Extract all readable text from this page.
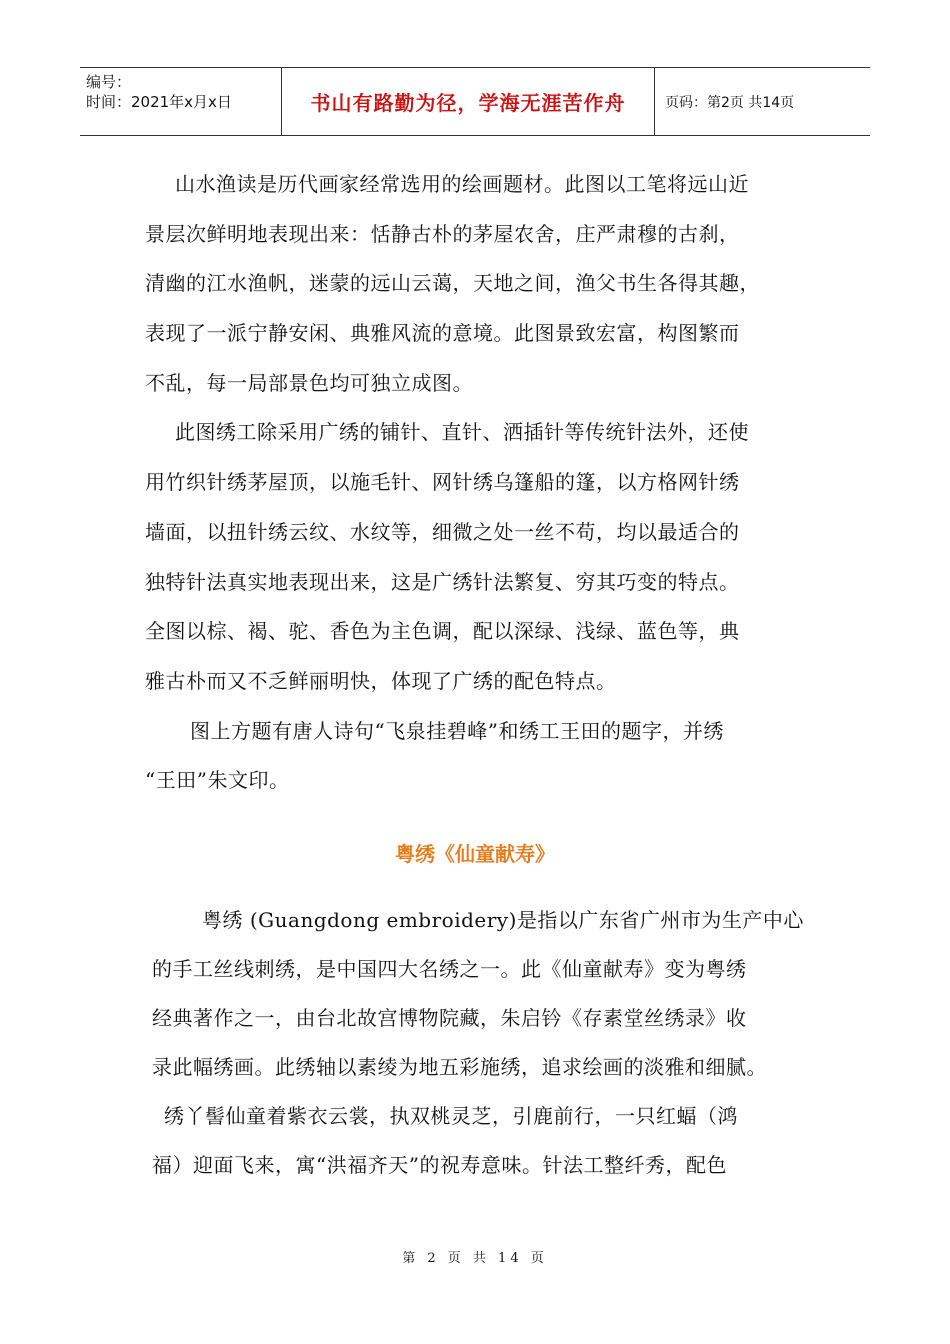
编号：
时间：2021年x月x日	书山有路勤为径，学海无涯苦作舟	页码：第2页 共14页
山水渔读是历代画家经常选用的绘画题材。此图以工笔将远山近
景层次鲜明地表现出来：恬静古朴的茅屋农舍，庄严肃穆的古刹，
清幽的江水渔帆，迷蒙的远山云蔼，天地之间，渔父书生各得其趣，
表现了一派宁静安闲、典雅风流的意境。此图景致宏富，构图繁而
不乱，每一局部景色均可独立成图。
此图绣工除采用广绣的铺针、直针、洒插针等传统针法外，还使
用竹织针绣茅屋顶，以施毛针、网针绣乌篷船的篷，以方格网针绣
墙面，以扭针绣云纹、水纹等，细微之处一丝不苟，均以最适合的
独特针法真实地表现出来，这是广绣针法繁复、穷其巧变的特点。
全图以棕、褐、驼、香色为主色调，配以深绿、浅绿、蓝色等，典
雅古朴而又不乏鲜丽明快，体现了广绣的配色特点。
图上方题有唐人诗句“飞泉挂碧峰”和绣工王田的题字，并绣
“王田”朱文印。
粤绣《仙童献寿》
粤绣 (Guangdong embroidery)是指以广东省广州市为生产中心
的手工丝线刺绣，是中国四大名绣之一。此《仙童献寿》变为粤绣
经典著作之一，由台北故宫博物院藏，朱启钤《存素堂丝绣录》收
录此幅绣画。此绣轴以素绫为地五彩施绣，追求绘画的淡雅和细腻。
绣丫髻仙童着紫衣云裳，执双桃灵芝，引鹿前行，一只红蝠（鸿
福）迎面飞来，寓“洪福齐天”的祝寿意味。针法工整纤秀，配色
第 2 页 共 14 页
